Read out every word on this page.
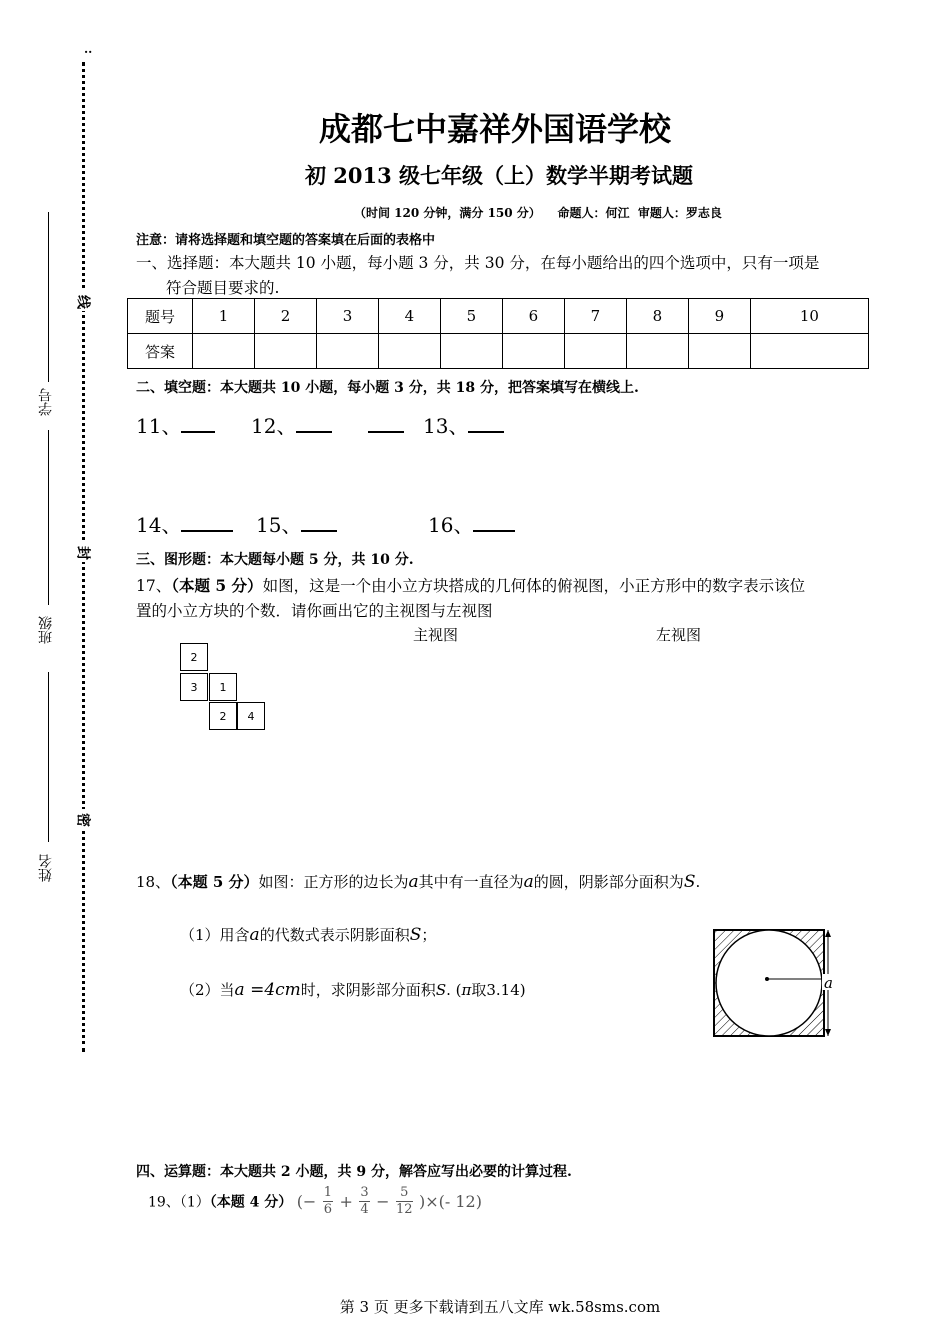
..
线
封
密
学号
班级
姓名
成都七中嘉祥外国语学校
初 2013 级七年级（上）数学半期考试题
（时间 120 分钟，满分 150 分）    命题人：何江  审题人：罗志良
注意：请将选择题和填空题的答案填在后面的表格中
一、选择题：本大题共 10 小题，每小题 3 分，共 30 分，在每小题给出的四个选项中，只有一项是
符合题目要求的.
题号	1	2	3	4	5	6	7	8	9	10
答案										
二、填空题：本大题共 10 小题，每小题 3 分，共 18 分，把答案填写在横线上.
11、	12、	13、
14、	15、	16、
三、图形题：本大题每小题 5 分，共 10 分.
17、（本题 5 分）如图，这是一个由小立方块搭成的几何体的俯视图，小正方形中的数字表示该位
置的小立方块的个数．请你画出它的主视图与左视图
主视图	左视图
2
3	1
2	4
18、（本题 5 分）如图：正方形的边长为a其中有一直径为a的圆，阴影部分面积为S.
（1）用含a的代数式表示阴影面积S；
（2）当a =4cm时，求阴影部分面积S. (π取3.14)	a
四、运算题：本大题共 2 小题，共 9 分，解答应写出必要的计算过程.
19、（1）（本题 4 分） (− $\frac{1}{6} + \frac{3}{4} - \frac{5}{12}$ )×(- 12)
第 3 页 更多下载请到五八文库 wk.58sms.com
